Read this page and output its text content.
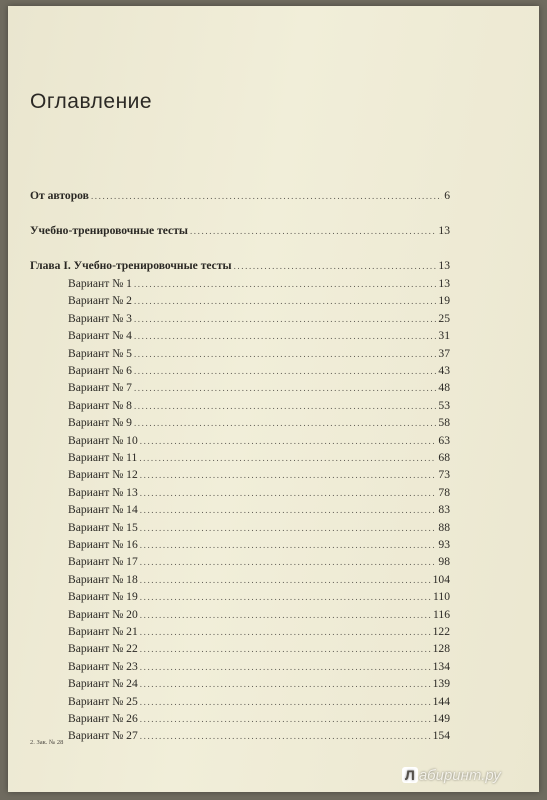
Оглавление
От авторов .....	6
Учебно-тренировочные тесты .....	13
Глава I. Учебно-тренировочные тесты .....	13
Вариант № 1 .....	13
Вариант № 2 .....	19
Вариант № 3 .....	25
Вариант № 4 .....	31
Вариант № 5 .....	37
Вариант № 6 .....	43
Вариант № 7 .....	48
Вариант № 8 .....	53
Вариант № 9 .....	58
Вариант № 10 .....	63
Вариант № 11 .....	68
Вариант № 12 .....	73
Вариант № 13 .....	78
Вариант № 14 .....	83
Вариант № 15 .....	88
Вариант № 16 .....	93
Вариант № 17 .....	98
Вариант № 18 .....	104
Вариант № 19 .....	110
Вариант № 20 .....	116
Вариант № 21 .....	122
Вариант № 22 .....	128
Вариант № 23 .....	134
Вариант № 24 .....	139
Вариант № 25 .....	144
Вариант № 26 .....	149
Вариант № 27 .....	154
2. Зак. № 28
Л абиринт.ру
